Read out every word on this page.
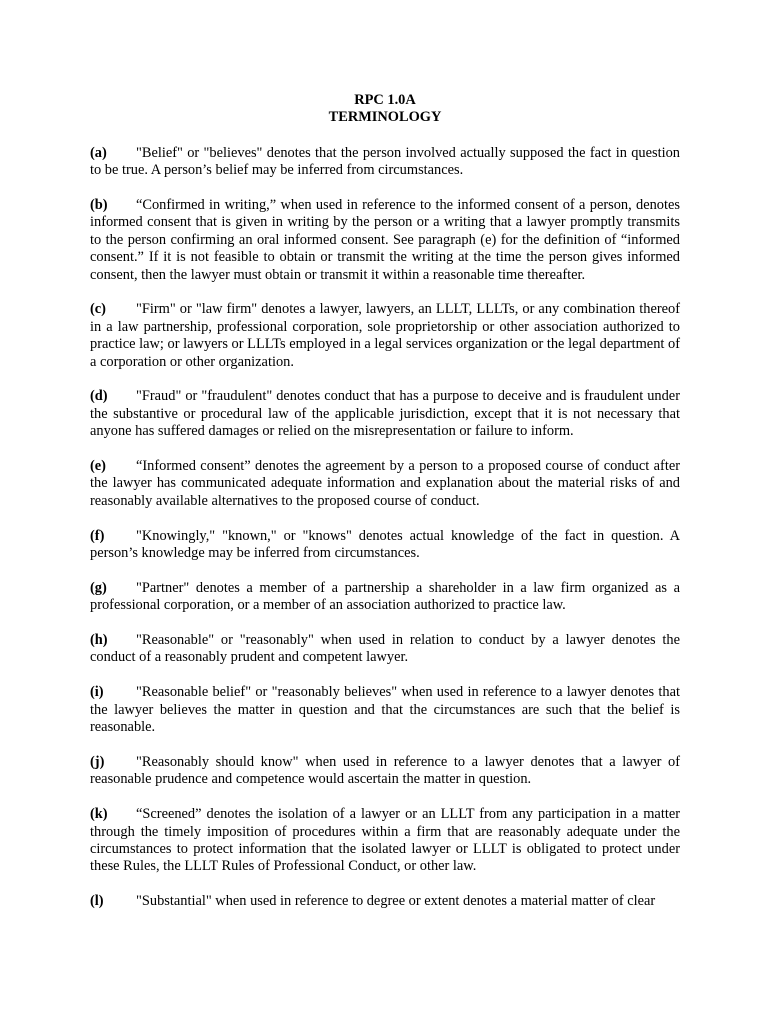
RPC 1.0A

TERMINOLOGY

(a) "Belief" or "believes" denotes that the person involved actually supposed the fact in question to be true. A person’s belief may be inferred from circumstances.

(b) “Confirmed in writing,” when used in reference to the informed consent of a person, denotes informed consent that is given in writing by the person or a writing that a lawyer promptly transmits to the person confirming an oral informed consent. See paragraph (e) for the definition of “informed consent.” If it is not feasible to obtain or transmit the writing at the time the person gives informed consent, then the lawyer must obtain or transmit it within a reasonable time thereafter.

(c) "Firm" or "law firm" denotes a lawyer, lawyers, an LLLT, LLLTs, or any combination thereof in a law partnership, professional corporation, sole proprietorship or other association authorized to practice law; or lawyers or LLLTs employed in a legal services organization or the legal department of a corporation or other organization.

(d) "Fraud" or "fraudulent" denotes conduct that has a purpose to deceive and is fraudulent under the substantive or procedural law of the applicable jurisdiction, except that it is not necessary that anyone has suffered damages or relied on the misrepresentation or failure to inform.

(e) “Informed consent” denotes the agreement by a person to a proposed course of conduct after the lawyer has communicated adequate information and explanation about the material risks of and reasonably available alternatives to the proposed course of conduct.

(f) "Knowingly," "known," or "knows" denotes actual knowledge of the fact in question. A person’s knowledge may be inferred from circumstances.

(g) "Partner" denotes a member of a partnership a shareholder in a law firm organized as a professional corporation, or a member of an association authorized to practice law.

(h) "Reasonable" or "reasonably" when used in relation to conduct by a lawyer denotes the conduct of a reasonably prudent and competent lawyer.

(i) "Reasonable belief" or "reasonably believes" when used in reference to a lawyer denotes that the lawyer believes the matter in question and that the circumstances are such that the belief is reasonable.

(j) "Reasonably should know" when used in reference to a lawyer denotes that a lawyer of reasonable prudence and competence would ascertain the matter in question.

(k) “Screened” denotes the isolation of a lawyer or an LLLT from any participation in a matter through the timely imposition of procedures within a firm that are reasonably adequate under the circumstances to protect information that the isolated lawyer or LLLT is obligated to protect under these Rules, the LLLT Rules of Professional Conduct, or other law.

(l) "Substantial" when used in reference to degree or extent denotes a material matter of clear
